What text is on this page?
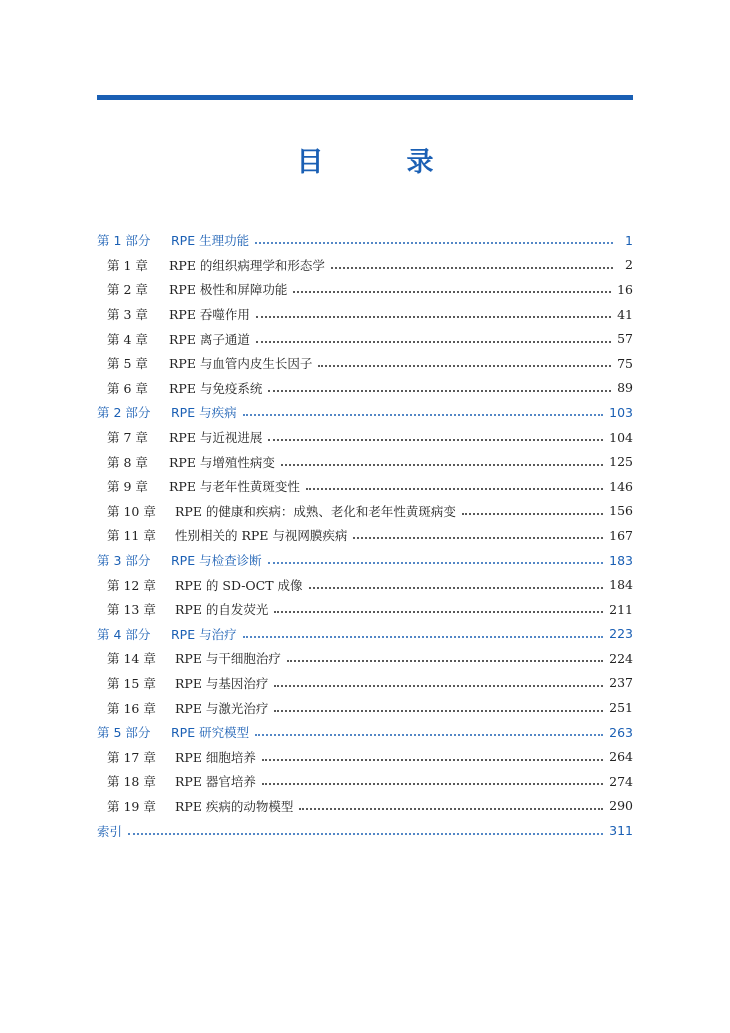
目　录
第 1 部分	RPE 生理功能	1
第 1 章	RPE 的组织病理学和形态学	2
第 2 章	RPE 极性和屏障功能	16
第 3 章	RPE 吞噬作用	41
第 4 章	RPE 离子通道	57
第 5 章	RPE 与血管内皮生长因子	75
第 6 章	RPE 与免疫系统	89
第 2 部分	RPE 与疾病	103
第 7 章	RPE 与近视进展	104
第 8 章	RPE 与增殖性病变	125
第 9 章	RPE 与老年性黄斑变性	146
第 10 章	RPE 的健康和疾病：成熟、老化和老年性黄斑病变	156
第 11 章	性别相关的 RPE 与视网膜疾病	167
第 3 部分	RPE 与检查诊断	183
第 12 章	RPE 的 SD-OCT 成像	184
第 13 章	RPE 的自发荧光	211
第 4 部分	RPE 与治疗	223
第 14 章	RPE 与干细胞治疗	224
第 15 章	RPE 与基因治疗	237
第 16 章	RPE 与激光治疗	251
第 5 部分	RPE 研究模型	263
第 17 章	RPE 细胞培养	264
第 18 章	RPE 器官培养	274
第 19 章	RPE 疾病的动物模型	290
索引	311
